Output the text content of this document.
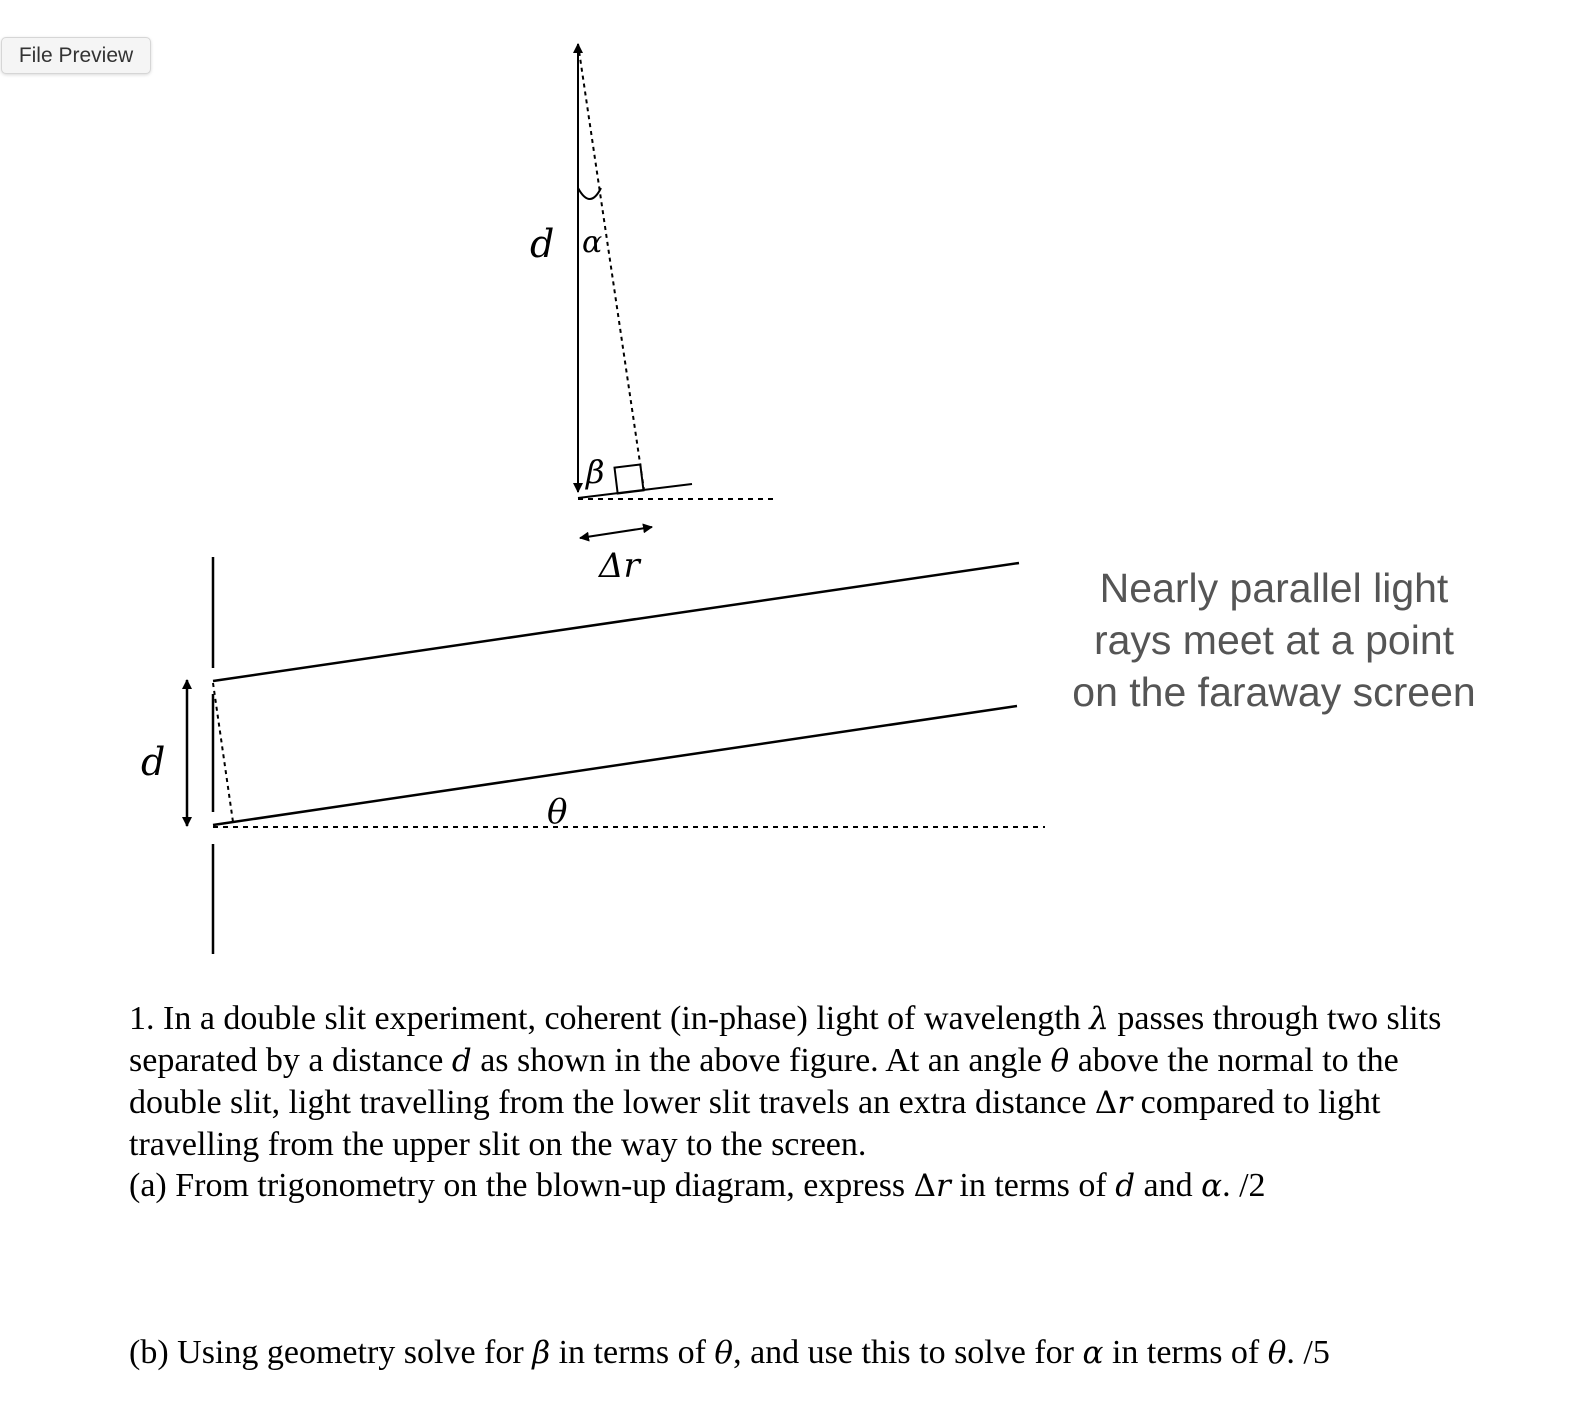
File Preview
d α
β
Δr
d
θ
Nearly parallel light
rays meet at a point
on the faraway screen
1. In a double slit experiment, coherent (in-phase) light of wavelength λ passes through two slits
separated by a distance d as shown in the above figure. At an angle θ above the normal to the
double slit, light travelling from the lower slit travels an extra distance Δr compared to light
travelling from the upper slit on the way to the screen.
(a) From trigonometry on the blown-up diagram, express Δr in terms of d and α. /2
(b) Using geometry solve for β in terms of θ, and use this to solve for α in terms of θ. /5
